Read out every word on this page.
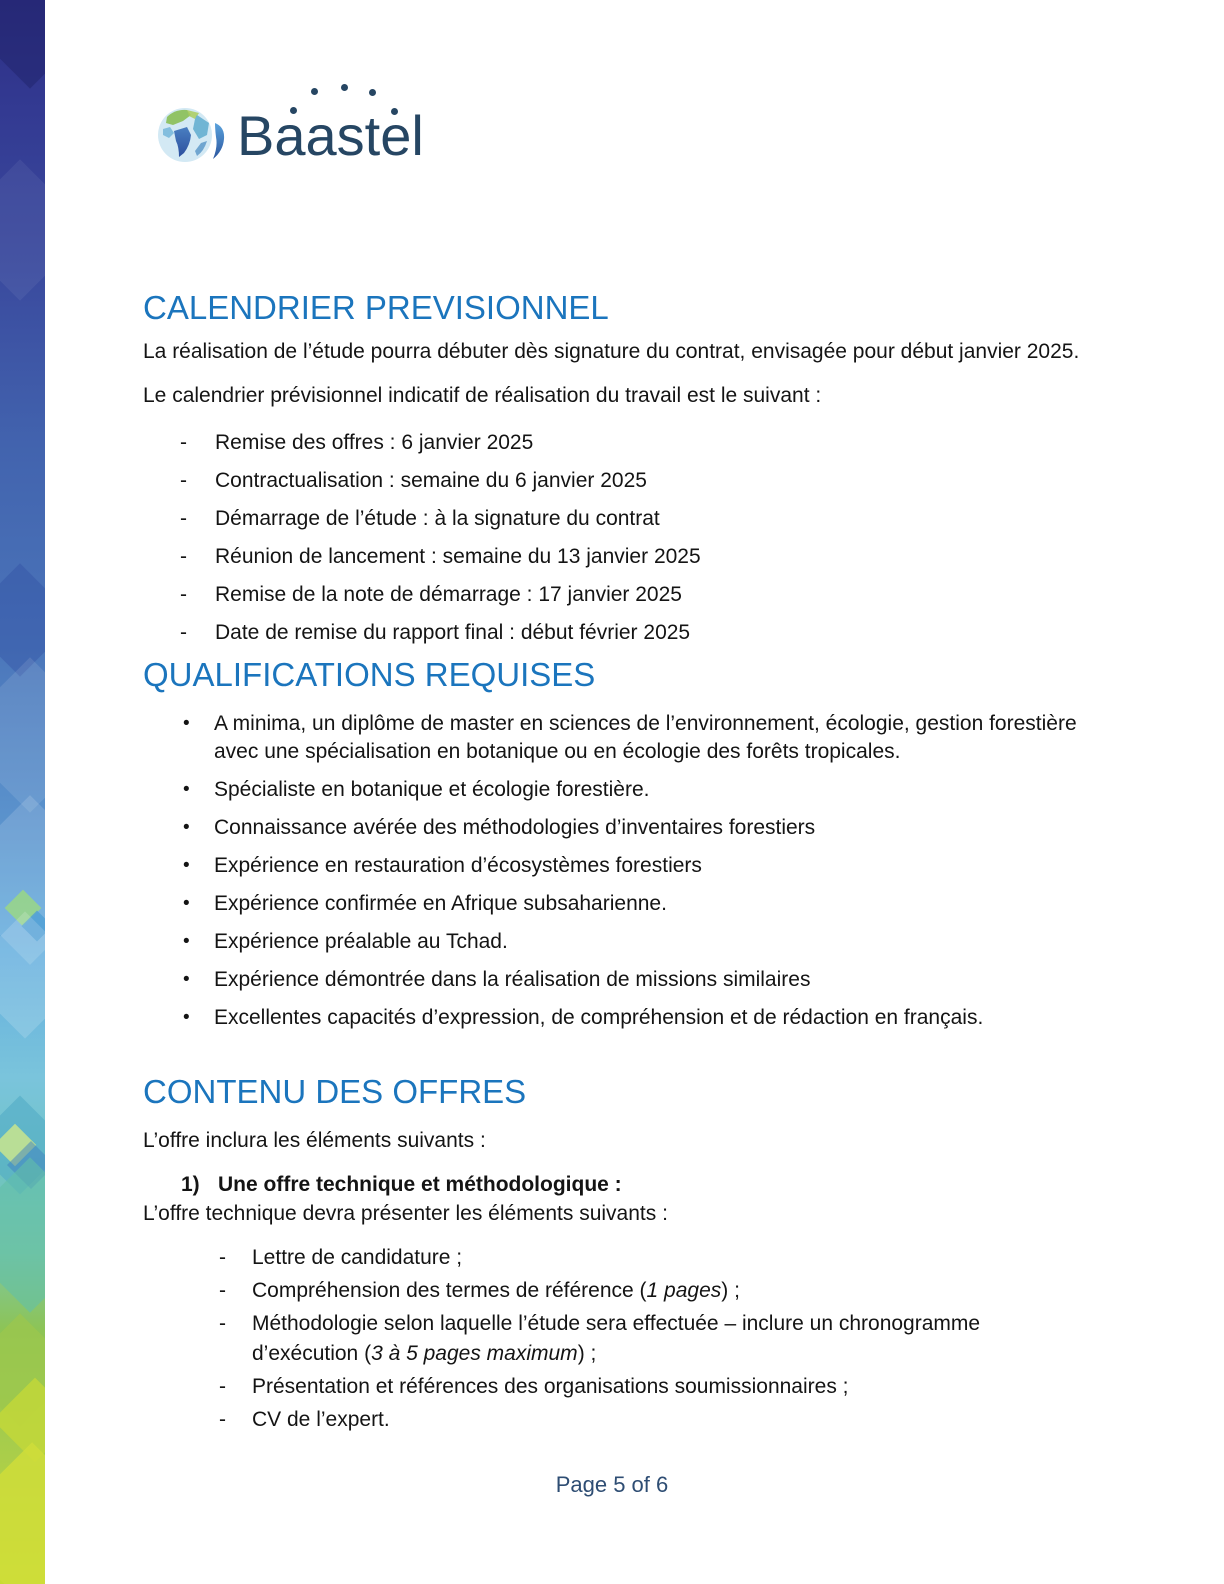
Baastel
CALENDRIER PREVISIONNEL

La réalisation de l’étude pourra débuter dès signature du contrat, envisagée pour début janvier 2025.

Le calendrier prévisionnel indicatif de réalisation du travail est le suivant :

-	Remise des offres : 6 janvier 2025
-	Contractualisation : semaine du 6 janvier 2025
-	Démarrage de l’étude : à la signature du contrat
-	Réunion de lancement : semaine du 13 janvier 2025
-	Remise de la note de démarrage : 17 janvier 2025
-	Date de remise du rapport final : début février 2025
QUALIFICATIONS REQUISES
•	A minima, un diplôme de master en sciences de l’environnement, écologie, gestion forestière avec une spécialisation en botanique ou en écologie des forêts tropicales.
•	Spécialiste en botanique et écologie forestière.
•	Connaissance avérée des méthodologies d’inventaires forestiers
•	Expérience en restauration d’écosystèmes forestiers
•	Expérience confirmée en Afrique subsaharienne.
•	Expérience préalable au Tchad.
•	Expérience démontrée dans la réalisation de missions similaires
•	Excellentes capacités d’expression, de compréhension et de rédaction en français.
CONTENU DES OFFRES

L’offre inclura les éléments suivants :

1) Une offre technique et méthodologique :

L’offre technique devra présenter les éléments suivants :

-	Lettre de candidature ;
-	Compréhension des termes de référence (1 pages) ;
-	Méthodologie selon laquelle l’étude sera effectuée – inclure un chronogramme d’exécution (3 à 5 pages maximum) ;
-	Présentation et références des organisations soumissionnaires ;
-	CV de l’expert.
Page 5 of 6
